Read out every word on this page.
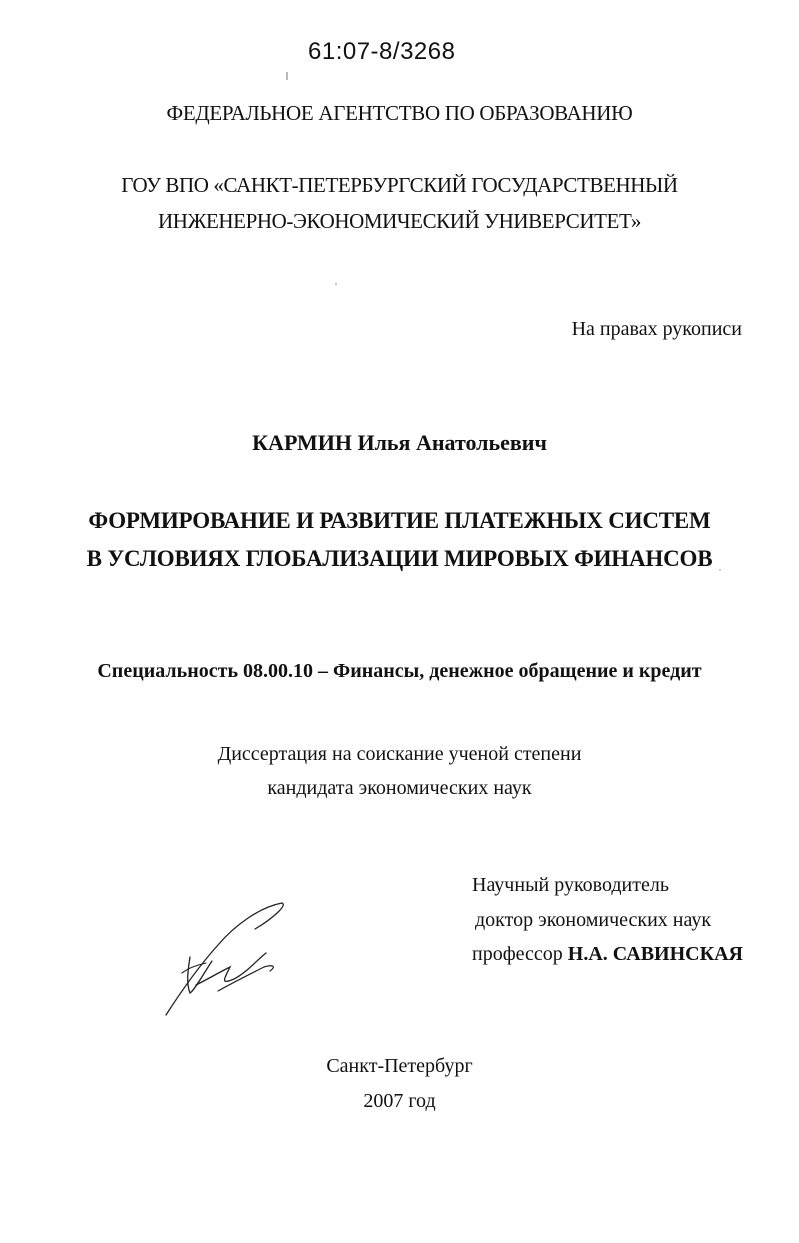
61:07-8/3268
ФЕДЕРАЛЬНОЕ АГЕНТСТВО ПО ОБРАЗОВАНИЮ
ГОУ ВПО «САНКТ-ПЕТЕРБУРГСКИЙ ГОСУДАРСТВЕННЫЙ
ИНЖЕНЕРНО-ЭКОНОМИЧЕСКИЙ УНИВЕРСИТЕТ»
На правах рукописи
КАРМИН Илья Анатольевич
ФОРМИРОВАНИЕ И РАЗВИТИЕ ПЛАТЕЖНЫХ СИСТЕМ
В УСЛОВИЯХ ГЛОБАЛИЗАЦИИ МИРОВЫХ ФИНАНСОВ
Специальность 08.00.10 – Финансы, денежное обращение и кредит
Диссертация на соискание ученой степени
кандидата экономических наук
Научный руководитель
доктор экономических наук
профессор Н.А. САВИНСКАЯ
Санкт-Петербург
2007 год
